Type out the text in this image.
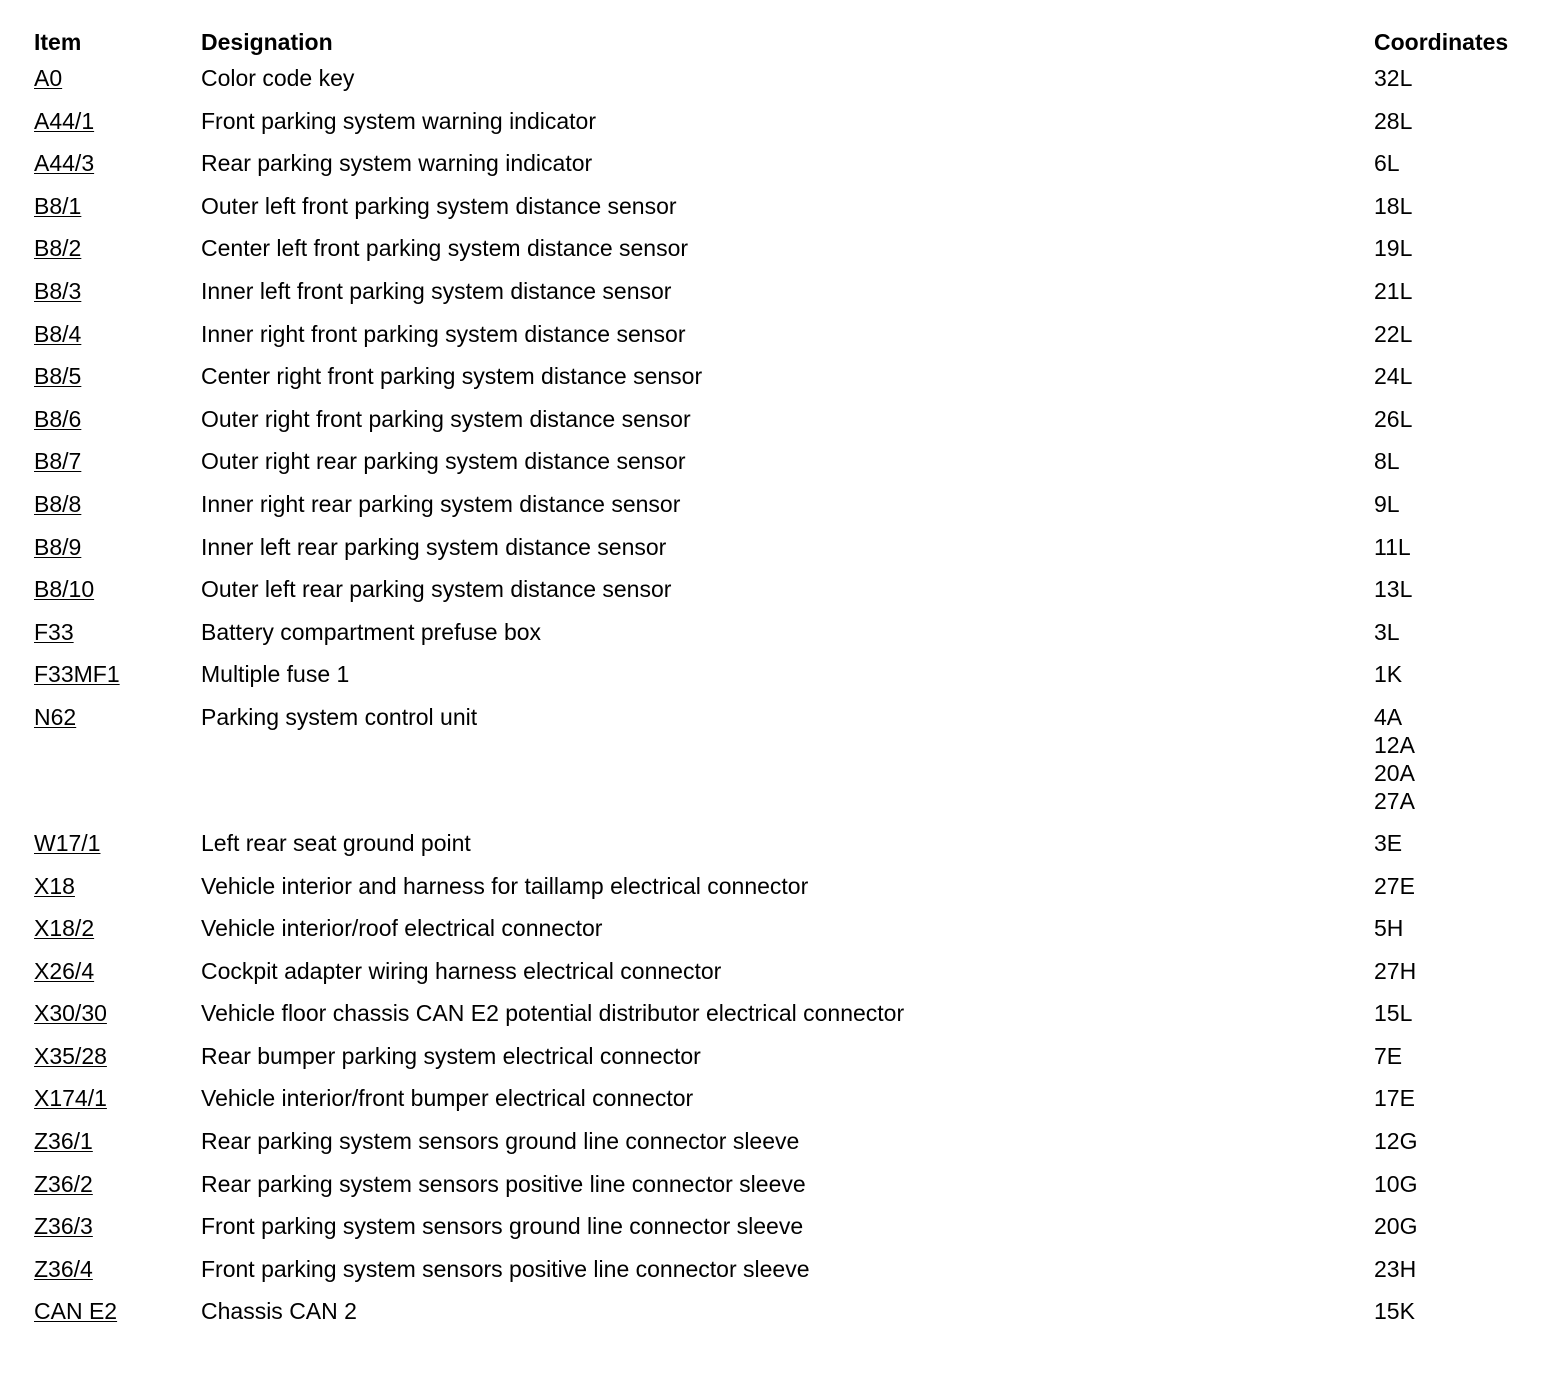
Item	Designation	Coordinates
A0	Color code key	32L
A44/1	Front parking system warning indicator	28L
A44/3	Rear parking system warning indicator	6L
B8/1	Outer left front parking system distance sensor	18L
B8/2	Center left front parking system distance sensor	19L
B8/3	Inner left front parking system distance sensor	21L
B8/4	Inner right front parking system distance sensor	22L
B8/5	Center right front parking system distance sensor	24L
B8/6	Outer right front parking system distance sensor	26L
B8/7	Outer right rear parking system distance sensor	8L
B8/8	Inner right rear parking system distance sensor	9L
B8/9	Inner left rear parking system distance sensor	11L
B8/10	Outer left rear parking system distance sensor	13L
F33	Battery compartment prefuse box	3L
F33MF1	Multiple fuse 1	1K
N62	Parking system control unit	4A
12A
20A
27A
W17/1	Left rear seat ground point	3E
X18	Vehicle interior and harness for taillamp electrical connector	27E
X18/2	Vehicle interior/roof electrical connector	5H
X26/4	Cockpit adapter wiring harness electrical connector	27H
X30/30	Vehicle floor chassis CAN E2 potential distributor electrical connector	15L
X35/28	Rear bumper parking system electrical connector	7E
X174/1	Vehicle interior/front bumper electrical connector	17E
Z36/1	Rear parking system sensors ground line connector sleeve	12G
Z36/2	Rear parking system sensors positive line connector sleeve	10G
Z36/3	Front parking system sensors ground line connector sleeve	20G
Z36/4	Front parking system sensors positive line connector sleeve	23H
CAN E2	Chassis CAN 2	15K
